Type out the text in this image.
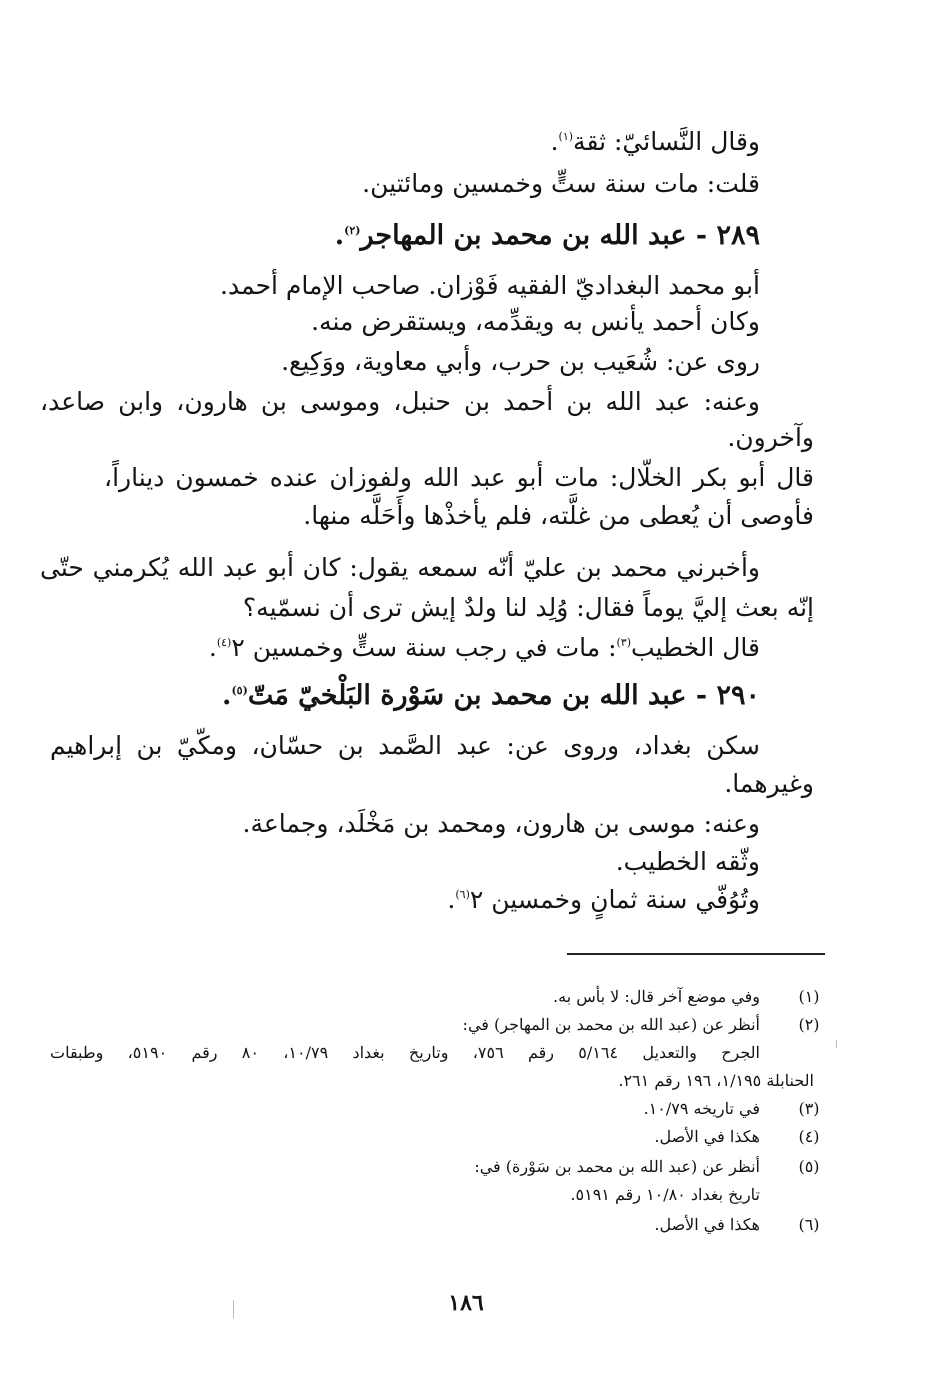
وقال النَّسائيّ: ثقة$^{(١)}$.
قلت: مات سنة ستٍّ وخمسين ومائتين.
٢٨٩ - عبد الله بن محمد بن المهاجر$^{(٢)}$.
أبو محمد البغداديّ الفقيه فَوْزان. صاحب الإمام أحمد.
وكان أحمد يأنس به ويقدِّمه، ويستقرض منه.
روى عن: شُعَيب بن حرب، وأبي معاوية، ووَكِيع.
وعنه: عبد الله بن أحمد بن حنبل، وموسى بن هارون، وابن صاعد،
وآخرون.
قال أبو بكر الخلّال: مات أبو عبد الله ولفوزان عنده خمسون ديناراً،
فأوصى أن يُعطى من غلَّته، فلم يأخذْها وأَحَلَّه منها.
وأخبرني محمد بن عليّ أنّه سمعه يقول: كان أبو عبد الله يُكرمني حتّى
إنّه بعث إليَّ يوماً فقال: وُلِد لنا ولدٌ إيش ترى أن نسمّيه؟
قال الخطيب$^{(٣)}$: مات في رجب سنة ستٍّ وخمسين ٢$^{(٤)}$.
٢٩٠ - عبد الله بن محمد بن سَوْرة البَلْخيّ مَتّ$^{(٥)}$.
سكن بغداد، وروى عن: عبد الصَّمد بن حسّان، ومكّيّ بن إبراهيم
وغيرهما.
وعنه: موسى بن هارون، ومحمد بن مَخْلَد، وجماعة.
وثّقه الخطيب.
وتُوُفّي سنة ثمانٍ وخمسين ٢$^{(٦)}$.
(١)
وفي موضع آخر قال: لا بأس به.
(٢)
أنظر عن (عبد الله بن محمد بن المهاجر) في:
الجرح والتعديل ٥/١٦٤ رقم ٧٥٦، وتاريخ بغداد ١٠/٧٩، ٨٠ رقم ٥١٩٠، وطبقات
الحنابلة ١/١٩٥، ١٩٦ رقم ٢٦١.
(٣)
في تاريخه ١٠/٧٩.
(٤)
هكذا في الأصل.
(٥)
أنظر عن (عبد الله بن محمد بن سَوْرة) في:
تاريخ بغداد ١٠/٨٠ رقم ٥١٩١.
(٦)
هكذا في الأصل.
١٨٦
